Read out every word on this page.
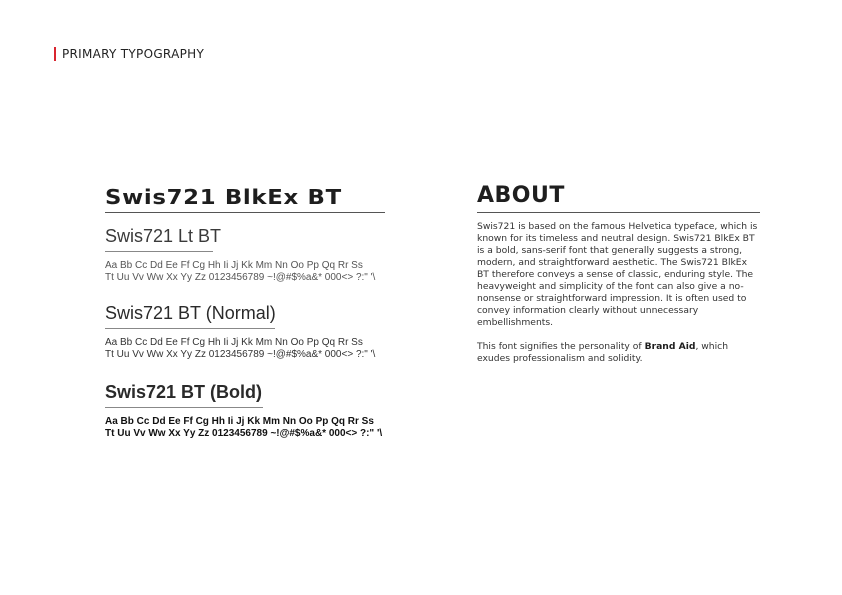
PRIMARY TYPOGRAPHY
Swis721 BlkEx BT
Swis721 Lt BT
Aa Bb Cc Dd Ee Ff Cg Hh Ii Jj Kk Mm Nn Oo Pp Qq Rr Ss
Tt Uu Vv Ww Xx Yy Zz 0123456789 ~!@#$%a&* 000<> ?:" '\
Swis721 BT (Normal)
Aa Bb Cc Dd Ee Ff Cg Hh Ii Jj Kk Mm Nn Oo Pp Qq Rr Ss
Tt Uu Vv Ww Xx Yy Zz 0123456789 ~!@#$%a&* 000<> ?:" '\
Swis721 BT (Bold)
Aa Bb Cc Dd Ee Ff Cg Hh Ii Jj Kk Mm Nn Oo Pp Qq Rr Ss
Tt Uu Vv Ww Xx Yy Zz 0123456789 ~!@#$%a&* 000<> ?:" '\
ABOUT

Swis721 is based on the famous Helvetica typeface, which is known for its timeless and neutral design. Swis721 BlkEx BT is a bold, sans-serif font that generally suggests a strong, modern, and straightforward aesthetic. The Swis721 BlkEx BT therefore conveys a sense of classic, enduring style. The heavyweight and simplicity of the font can also give a no-nonsense or straightforward impression. It is often used to convey information clearly without unnecessary embellishments.

This font signifies the personality of Brand Aid, which exudes professionalism and solidity.
